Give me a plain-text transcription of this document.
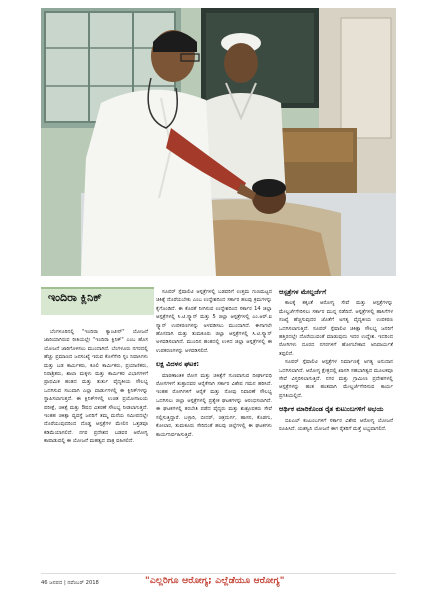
ಇಂದಿರಾ ಕ್ಲಿನಿಕ್

ಬೆಂಗಳೂರಿನಲ್ಲಿ "ಇಂದಿರಾ ಕ್ಯಾಂಟೀನ್" ಯೋಜನೆ ಜಾರಿಯಾಗಿರುವ ರೀತಿಯಲ್ಲೇ "ಇಂದಿರಾ ಕ್ಲಿನಿಕ್" ಎಂಬ ಹೊಸ ಯೋಜನೆ ಜಾರಿಗೊಳಿಸಲು ಮುಂದಾಗಿದೆ. ಬೆಂಗಳೂರು ನಗರದಲ್ಲಿ ಹೆಚ್ಚು ಪ್ರಮಾಣದ ಜನಸಂಖ್ಯೆ ಇರುವ ಕೊಳೆಗೇರಿ ಸ್ಲಂ ನಿವಾಸಿಗಳು ಮತ್ತು ಬಡ ಕಾರ್ಮಿಕರು, ಕೂಲಿ ಕಾರ್ಮಿಕರು, ಪ್ರಯಾಣಿಕರು, ನಿರಾಶ್ರಿತರು, ಶಾಲಾ ಮಕ್ಕಳು ಮತ್ತು ಕಾರ್ಮಿಕರ ವಿಭಾಗಗಳಿಗೆ ಪ್ರಾಥಮಿಕ ಹಂತದ ಮತ್ತು ತುರ್ತು ವೈದ್ಯಕೀಯ ಸೌಲಭ್ಯ ಒದಗಿಸುವ ಸಲುವಾಗಿ ಎಲ್ಲಾ ವಾರ್ಡುಗಳಲ್ಲಿ ಈ ಕ್ಲಿನಿಕ್‌ಗಳನ್ನು ಸ್ಥಾಪಿಸಲಾಗುತ್ತದೆ. ಈ ಕ್ಲಿನಿಕ್‌ಗಳಲ್ಲಿ ಉಚಿತ ಪ್ರಯೋಗಾಲಯ ಪರೀಕ್ಷೆ, ಚಿಕಿತ್ಸೆ ಮತ್ತು ಔಷಧ ವಿತರಣೆ ಸೌಲಭ್ಯ ನೀಡಲಾಗುತ್ತದೆ. ಇಂತಹ ಚಿಕಿತ್ಸಾ ವ್ಯವಸ್ಥೆ ಜನರಿಗೆ ತಮ್ಮ ಮನೆಯ ಸಮೀಪದಲ್ಲೇ ದೊರೆಯುವುದರಿಂದ ದೊಡ್ಡ ಆಸ್ಪತ್ರೆಗಳ ಮೇಲಿನ ಒತ್ತಡವೂ ಕಡಿಮೆಯಾಗಲಿದೆ. ನಗರ ಪ್ರದೇಶದ ಬಡವರ ಆರೋಗ್ಯ ಕಾಪಾಡುವಲ್ಲಿ ಈ ಯೋಜನೆ ಮಹತ್ವದ ಪಾತ್ರ ವಹಿಸಲಿದೆ.

ಸೂಪರ್ ಸ್ಪೆಷಾಲಿಟಿ ಆಸ್ಪತ್ರೆಗಳಲ್ಲಿ ಬಡವರಿಗೆ ಉತ್ತಮ ಗುಣಮಟ್ಟದ ಚಿಕಿತ್ಸೆ ದೊರೆಯಬೇಕು ಎಂಬ ಉದ್ದೇಶದಿಂದ ಸರ್ಕಾರ ಹಲವು ಕ್ರಮಗಳನ್ನು ಕೈಗೊಂಡಿದೆ. ಈ ಕೊರತೆ ನೀಗಿಸುವ ಉದ್ದೇಶದಿಂದ ಸರ್ಕಾರ 14 ಜಿಲ್ಲಾ ಆಸ್ಪತ್ರೆಗಳಲ್ಲಿ ಸಿ.ಟಿ.ಸ್ಕ್ಯಾನ್ ಮತ್ತು 5 ಜಿಲ್ಲಾ ಆಸ್ಪತ್ರೆಗಳಲ್ಲಿ ಎಂ.ಆರ್.ಐ ಸ್ಕ್ಯಾನ್ ಉಪಕರಣಗಳನ್ನು ಅಳವಡಿಸಲು ಮುಂದಾಗಿದೆ. ಈಗಾಗಲೇ ಹೊಸದಾಗಿ ಮತ್ತು ತುಮಕೂರು ಜಿಲ್ಲಾ ಆಸ್ಪತ್ರೆಗಳಲ್ಲಿ ಸಿ.ಟಿ.ಸ್ಕ್ಯಾನ್ ಅಳವಡಿಸಲಾಗಿದೆ. ಮುಂದಿನ ಹಂತದಲ್ಲಿ ಉಳಿದ ಜಿಲ್ಲಾ ಆಸ್ಪತ್ರೆಗಳಲ್ಲಿ ಈ ಉಪಕರಣಗಳನ್ನು ಅಳವಡಿಸಲಿದೆ.

ಲಕ್ಷ ವಿದಳನ ಘಟಕ:

ಮಾರಣಾಂತಿಕ ರೋಗ ಮತ್ತು ಚಿಕಿತ್ಸೆಗೆ ಗುಣವಾಗುವ ದೀರ್ಘಾವಧಿ ರೋಗಗಳಿಗೆ ತುತ್ತಾದವರ ಆರೈಕೆಗಾಗಿ ಸರ್ಕಾರ ವಿಶೇಷ ಗಮನ ಹರಿಸಿದೆ. ಇಂತಹ ರೋಗಿಗಳಿಗೆ ಆರೈಕೆ ಮತ್ತು ನೋವು ನಿವಾರಣೆ ಸೌಲಭ್ಯ ಒದಗಿಸಲು ಜಿಲ್ಲಾ ಆಸ್ಪತ್ರೆಗಳಲ್ಲಿ ಪ್ರತ್ಯೇಕ ಘಟಕಗಳನ್ನು ಆರಂಭಿಸಲಾಗಿದೆ. ಈ ಘಟಕಗಳಲ್ಲಿ ತರಬೇತಿ ಪಡೆದ ವೈದ್ಯರು ಮತ್ತು ಶುಶ್ರೂಷಕರು ಸೇವೆ ಸಲ್ಲಿಸುತ್ತಿದ್ದಾರೆ. ಬಳ್ಳಾರಿ, ಬೀದರ್, ಚಿತ್ರದುರ್ಗ, ಹಾಸನ, ಕೊಡಗು, ಕೋಲಾರ, ತುಮಕೂರು ಸೇರಿದಂತೆ ಹಲವು ಜಿಲ್ಲೆಗಳಲ್ಲಿ ಈ ಘಟಕಗಳು ಕಾರ್ಯನಿರ್ವಹಿಸುತ್ತಿವೆ.

ಆಸ್ಪತ್ರೆಗಳ ಮೇಲ್ದರ್ಜೆಗೆ

ಕಾಲಕ್ಕೆ ತಕ್ಕಂತೆ ಆರೋಗ್ಯ ಸೇವೆ ಮತ್ತು ಆಸ್ಪತ್ರೆಗಳನ್ನು ಮೇಲ್ದರ್ಜೆಗೇರಿಸಲು ಸರ್ಕಾರ ಮುನ್ನ ನಡೆದಿದೆ. ಆಸ್ಪತ್ರೆಗಳಲ್ಲಿ ಹಾಸಿಗೆಗಳ ಸಂಖ್ಯೆ ಹೆಚ್ಚಿಸುವುದರ ಜೊತೆಗೆ ಅಗತ್ಯ ವೈದ್ಯಕೀಯ ಉಪಕರಣ ಒದಗಿಸಲಾಗುತ್ತಿದೆ. ಸೂಪರ್ ಸ್ಪೆಷಾಲಿಟಿ ಚಿಕಿತ್ಸಾ ಸೌಲಭ್ಯ ಜನರಿಗೆ ಹತ್ತಿರದಲ್ಲೇ ದೊರೆಯುವಂತೆ ಮಾಡುವುದು ಇದರ ಉದ್ದೇಶ. ಇದರಿಂದ ರೋಗಿಗಳು ದೂರದ ನಗರಗಳಿಗೆ ಹೋಗಬೇಕಾದ ಅನಿವಾರ್ಯತೆ ತಪ್ಪಲಿದೆ.

ಸೂಪರ್ ಸ್ಪೆಷಾಲಿಟಿ ಆಸ್ಪತ್ರೆಗಳ ನಿರ್ಮಾಣಕ್ಕೆ ಅಗತ್ಯ ಅನುದಾನ ಒದಗಿಸಲಾಗಿದೆ. ಆರೋಗ್ಯ ಕ್ಷೇತ್ರದಲ್ಲಿ ಖಾಸಗಿ ಸಹಭಾಗಿತ್ವದ ಮೂಲಕವೂ ಸೇವೆ ವಿಸ್ತರಿಸಲಾಗುತ್ತಿದೆ. ನಗರ ಮತ್ತು ಗ್ರಾಮೀಣ ಪ್ರದೇಶಗಳಲ್ಲಿ ಆಸ್ಪತ್ರೆಗಳನ್ನು ಹಂತ ಹಂತವಾಗಿ ಮೇಲ್ದರ್ಜೆಗೇರಿಸುವ ಕಾರ್ಯ ಪ್ರಗತಿಯಲ್ಲಿದೆ.

ಆರ್ಥಿಕ ಮಾರಿಕೊಂಡ ರೈತ ಕುಟುಂಬಗಳಿಗೆ ಅಭಯ

ಬಿಪಿಎಲ್ ಕುಟುಂಬಗಳಿಗೆ ಸರ್ಕಾರ ವಿಶೇಷ ಆರೋಗ್ಯ ಯೋಜನೆ ರೂಪಿಸಿದೆ. ಯಶಸ್ವಿನಿ ಯೋಜನೆ ಈಗ ರೈತರಿಗೆ ಮತ್ತೆ ಲಭ್ಯವಾಗಲಿದೆ.

46 ಜನಪದ | ನವೆಂಬರ್ 2018	"ಎಲ್ಲರಿಗೂ ಆರೋಗ್ಯ; ಎಲ್ಲೆಡೆಯೂ ಆರೋಗ್ಯ"
